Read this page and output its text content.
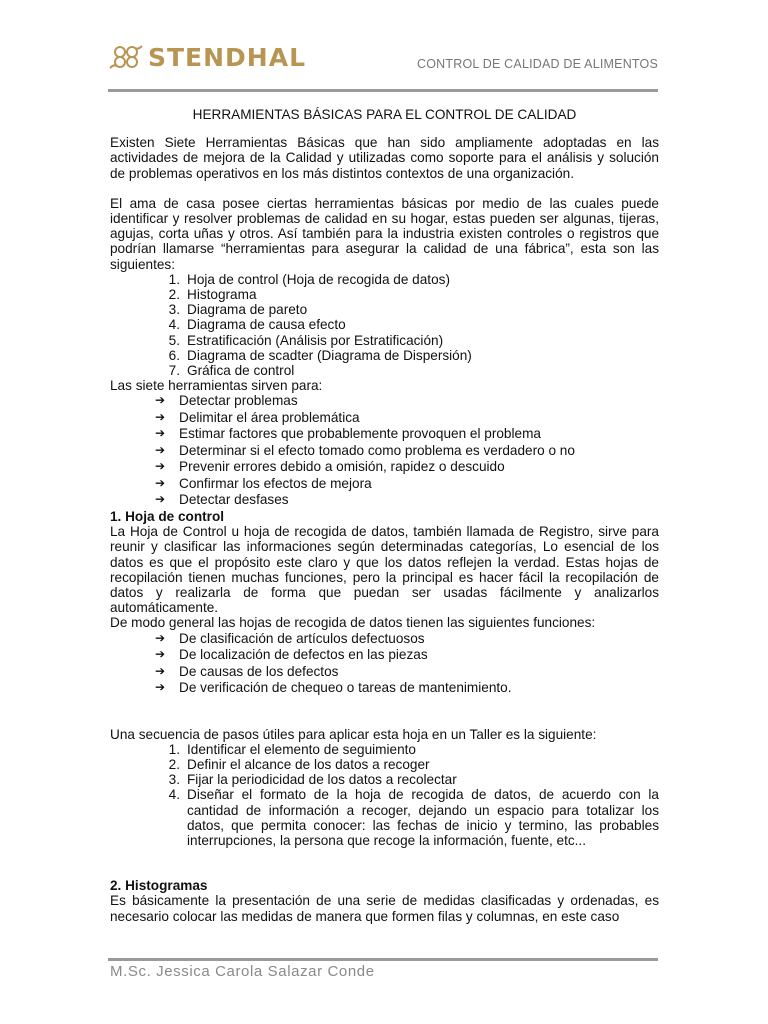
STENDHAL	CONTROL DE CALIDAD DE ALIMENTOS

HERRAMIENTAS BÁSICAS PARA EL CONTROL DE CALIDAD

Existen Siete Herramientas Básicas que han sido ampliamente adoptadas en las actividades de mejora de la Calidad y utilizadas como soporte para el análisis y solución de problemas operativos en los más distintos contextos de una organización.

El ama de casa posee ciertas herramientas básicas por medio de las cuales puede identificar y resolver problemas de calidad en su hogar, estas pueden ser algunas, tijeras, agujas, corta uñas y otros. Así también para la industria existen controles o registros que podrían llamarse “herramientas para asegurar la calidad de una fábrica”, esta son las siguientes:

1. Hoja de control (Hoja de recogida de datos)
2. Histograma
3. Diagrama de pareto
4. Diagrama de causa efecto
5. Estratificación (Análisis por Estratificación)
6. Diagrama de scadter (Diagrama de Dispersión)
7. Gráfica de control

Las siete herramientas sirven para:

➔	Detectar problemas
➔	Delimitar el área problemática
➔	Estimar factores que probablemente provoquen el problema
➔	Determinar si el efecto tomado como problema es verdadero o no
➔	Prevenir errores debido a omisión, rapidez o descuido
➔	Confirmar los efectos de mejora
➔	Detectar desfases

1. Hoja de control

La Hoja de Control u hoja de recogida de datos, también llamada de Registro, sirve para reunir y clasificar las informaciones según determinadas categorías, Lo esencial de los datos es que el propósito este claro y que los datos reflejen la verdad. Estas hojas de recopilación tienen muchas funciones, pero la principal es hacer fácil la recopilación de datos y realizarla de forma que puedan ser usadas fácilmente y analizarlos automáticamente.

De modo general las hojas de recogida de datos tienen las siguientes funciones:

➔	De clasificación de artículos defectuosos
➔	De localización de defectos en las piezas
➔	De causas de los defectos
➔	De verificación de chequeo o tareas de mantenimiento.

Una secuencia de pasos útiles para aplicar esta hoja en un Taller es la siguiente:

1. Identificar el elemento de seguimiento
2. Definir el alcance de los datos a recoger
3. Fijar la periodicidad de los datos a recolectar
4. Diseñar el formato de la hoja de recogida de datos, de acuerdo con la cantidad de información a recoger, dejando un espacio para totalizar los datos, que permita conocer: las fechas de inicio y termino, las probables interrupciones, la persona que recoge la información, fuente, etc...

2. Histogramas

Es básicamente la presentación de una serie de medidas clasificadas y ordenadas, es necesario colocar las medidas de manera que formen filas y columnas, en este caso

M.Sc. Jessica Carola Salazar Conde
